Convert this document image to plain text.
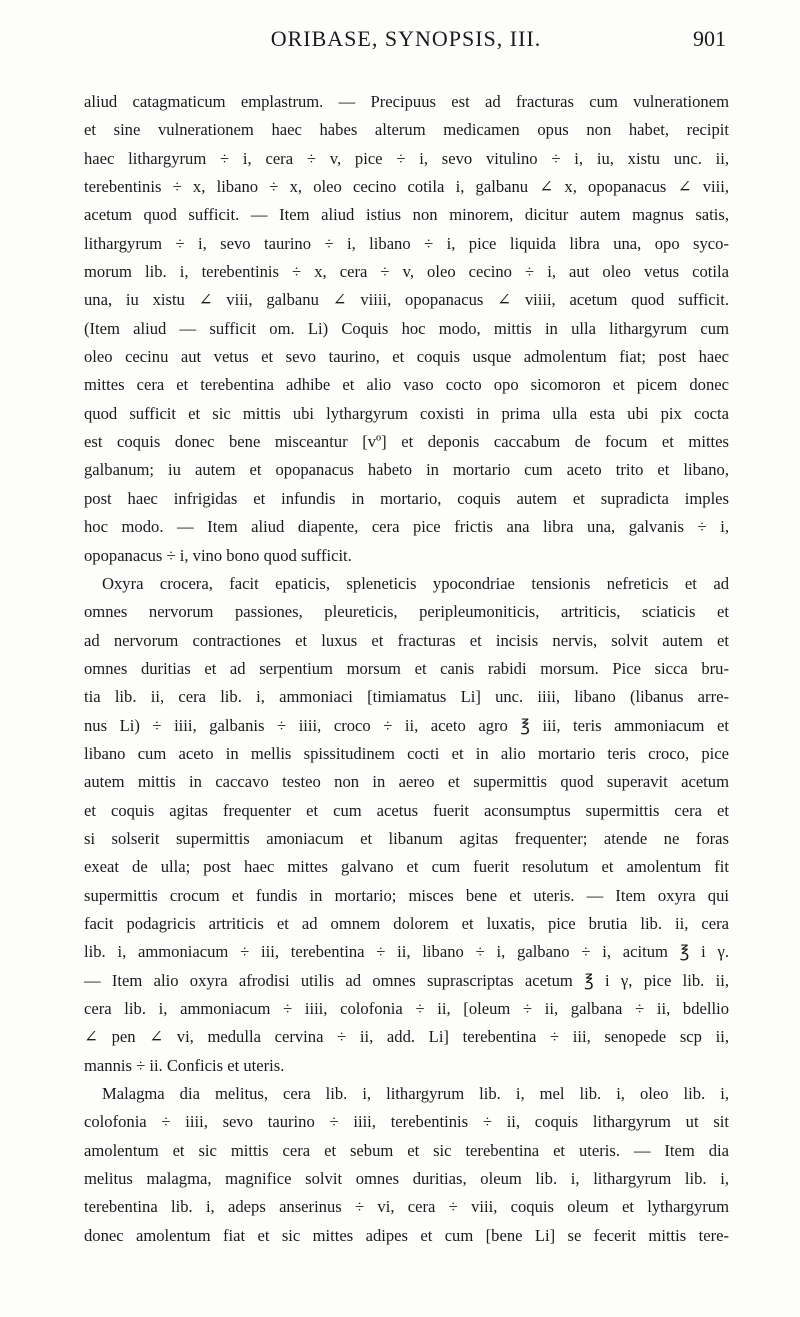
ORIBASE, SYNOPSIS, III.	901
aliud catagmaticum emplastrum. — Precipuus est ad fracturas cum vulnerationem
et sine vulnerationem haec habes alterum medicamen opus non habet, recipit
haec lithargyrum ÷ i, cera ÷ v, pice ÷ i, sevo vitulino ÷ i, iu, xistu unc. ii,
terebentinis ÷ x, libano ÷ x, oleo cecino cotila i, galbanu ∠ x, opopanacus ∠ viii,
acetum quod sufficit. — Item aliud istius non minorem, dicitur autem magnus satis,
lithargyrum ÷ i, sevo taurino ÷ i, libano ÷ i, pice liquida libra una, opo syco-
morum lib. i, terebentinis ÷ x, cera ÷ v, oleo cecino ÷ i, aut oleo vetus cotila
una, iu xistu ∠ viii, galbanu ∠ viiii, opopanacus ∠ viiii, acetum quod sufficit.
(Item aliud — sufficit om. Li) Coquis hoc modo, mittis in ulla lithargyrum cum
oleo cecinu aut vetus et sevo taurino, et coquis usque admolentum fiat; post haec
mittes cera et terebentina adhibe et alio vaso cocto opo sicomoron et picem donec
quod sufficit et sic mittis ubi lythargyrum coxisti in prima ulla esta ubi pix cocta
est coquis donec bene misceantur [vº] et deponis caccabum de focum et mittes
galbanum; iu autem et opopanacus habeto in mortario cum aceto trito et libano,
post haec infrigidas et infundis in mortario, coquis autem et supradicta imples
hoc modo. — Item aliud diapente, cera pice frictis ana libra una, galvanis ÷ i,
opopanacus ÷ i, vino bono quod sufficit.
Oxyra crocera, facit epaticis, spleneticis ypocondriae tensionis nefreticis et ad
omnes nervorum passiones, pleureticis, peripleumoniticis, artriticis, sciaticis et
ad nervorum contractiones et luxus et fracturas et incisis nervis, solvit autem et
omnes duritias et ad serpentium morsum et canis rabidi morsum. Pice sicca bru-
tia lib. ii, cera lib. i, ammoniaci [timiamatus Li] unc. iiii, libano (libanus arre-
nus Li) ÷ iiii, galbanis ÷ iiii, croco ÷ ii, aceto agro ℥ iii, teris ammoniacum et
libano cum aceto in mellis spissitudinem cocti et in alio mortario teris croco, pice
autem mittis in caccavo testeo non in aereo et supermittis quod superavit acetum
et coquis agitas frequenter et cum acetus fuerit aconsumptus supermittis cera et
si solserit supermittis amoniacum et libanum agitas frequenter; atende ne foras
exeat de ulla; post haec mittes galvano et cum fuerit resolutum et amolentum fit
supermittis crocum et fundis in mortario; misces bene et uteris. — Item oxyra qui
facit podagricis artriticis et ad omnem dolorem et luxatis, pice brutia lib. ii, cera
lib. i, ammoniacum ÷ iii, terebentina ÷ ii, libano ÷ i, galbano ÷ i, acitum ℥ i γ.
— Item alio oxyra afrodisi utilis ad omnes suprascriptas acetum ℥ i γ, pice lib. ii,
cera lib. i, ammoniacum ÷ iiii, colofonia ÷ ii, [oleum ÷ ii, galbana ÷ ii, bdellio
∠ pen ∠ vi, medulla cervina ÷ ii, add. Li] terebentina ÷ iii, senopede scp ii,
mannis ÷ ii. Conficis et uteris.
Malagma dia melitus, cera lib. i, lithargyrum lib. i, mel lib. i, oleo lib. i,
colofonia ÷ iiii, sevo taurino ÷ iiii, terebentinis ÷ ii, coquis lithargyrum ut sit
amolentum et sic mittis cera et sebum et sic terebentina et uteris. — Item dia
melitus malagma, magnifice solvit omnes duritias, oleum lib. i, lithargyrum lib. i,
terebentina lib. i, adeps anserinus ÷ vi, cera ÷ viii, coquis oleum et lythargyrum
donec amolentum fiat et sic mittes adipes et cum [bene Li] se fecerit mittis tere-
